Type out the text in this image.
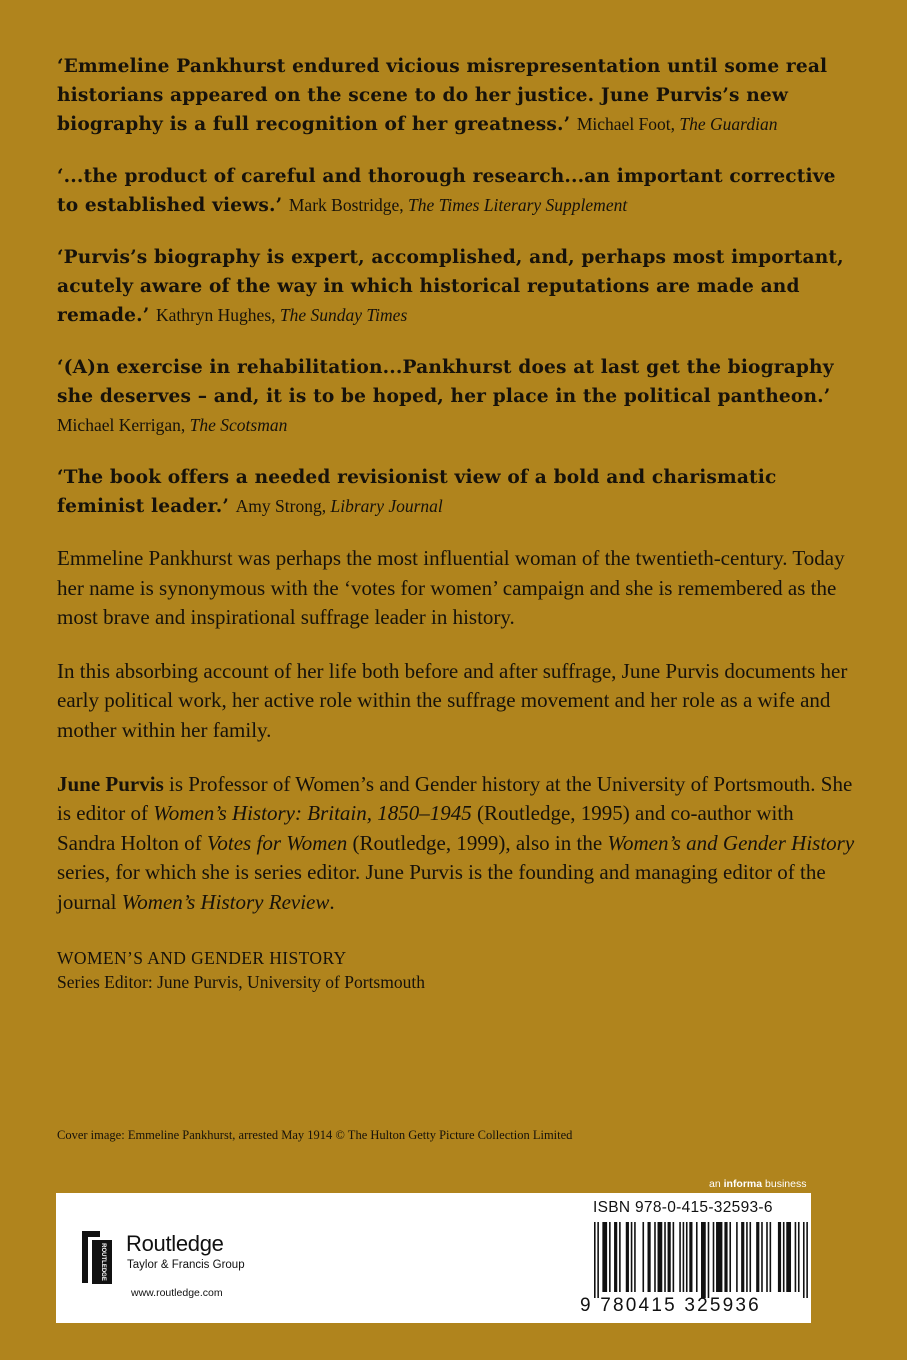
‘Emmeline Pankhurst endured vicious misrepresentation until some real historians appeared on the scene to do her justice. June Purvis’s new biography is a full recognition of her greatness.’ Michael Foot, The Guardian
‘...the product of careful and thorough research...an important corrective to established views.’ Mark Bostridge, The Times Literary Supplement
‘Purvis’s biography is expert, accomplished, and, perhaps most important, acutely aware of the way in which historical reputations are made and remade.’ Kathryn Hughes, The Sunday Times
‘(A)n exercise in rehabilitation...Pankhurst does at last get the biography she deserves – and, it is to be hoped, her place in the political pantheon.’ Michael Kerrigan, The Scotsman
‘The book offers a needed revisionist view of a bold and charismatic feminist leader.’ Amy Strong, Library Journal

Emmeline Pankhurst was perhaps the most influential woman of the twentieth-century. Today her name is synonymous with the ‘votes for women’ campaign and she is remembered as the most brave and inspirational suffrage leader in history.

In this absorbing account of her life both before and after suffrage, June Purvis documents her early political work, her active role within the suffrage movement and her role as a wife and mother within her family.

June Purvis is Professor of Women’s and Gender history at the University of Portsmouth. She is editor of Women’s History: Britain, 1850–1945 (Routledge, 1995) and co-author with Sandra Holton of Votes for Women (Routledge, 1999), also in the Women’s and Gender History series, for which she is series editor. June Purvis is the founding and managing editor of the journal Women’s History Review.

WOMEN’S AND GENDER HISTORY
Series Editor: June Purvis, University of Portsmouth
Cover image: Emmeline Pankhurst, arrested May 1914 © The Hulton Getty Picture Collection Limited
an informa business
ROUTLEDGE Routledge
Taylor & Francis Group
www.routledge.com
ISBN 978-0-415-32593-6
9 780415 325936
